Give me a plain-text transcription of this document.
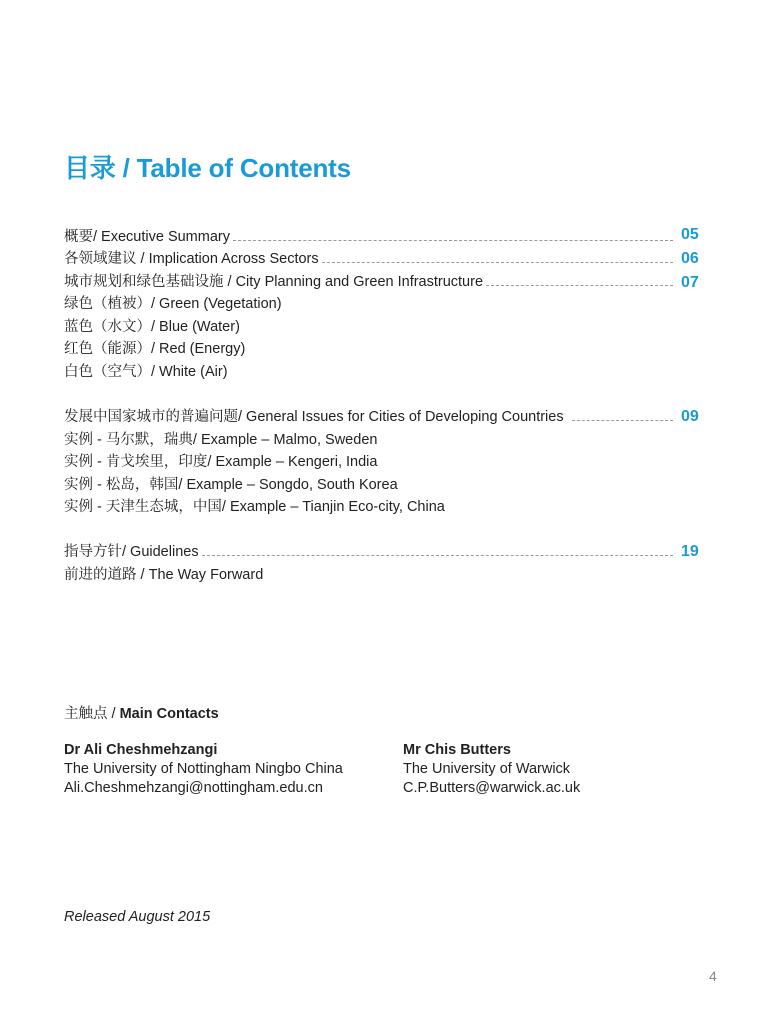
目录 / Table of Contents
概要/ Executive Summary	05
各领域建议 / Implication Across Sectors	06
城市规划和绿色基础设施 / City Planning and Green Infrastructure	07
绿色（植被）/ Green (Vegetation)
蓝色（水文）/ Blue (Water)
红色（能源）/ Red (Energy)
白色（空气）/ White (Air)
发展中国家城市的普遍问题/ General Issues for Cities of Developing Countries	09
实例 - 马尔默，瑞典/ Example – Malmo, Sweden
实例 - 肯戈埃里，印度/ Example – Kengeri, India
实例 - 松岛，韩国/ Example – Songdo, South Korea
实例 - 天津生态城，中国/ Example – Tianjin Eco-city, China
指导方针/ Guidelines	19
前进的道路 / The Way Forward
主触点 / Main Contacts
Dr Ali Cheshmehzangi
The University of Nottingham Ningbo China
Ali.Cheshmehzangi@nottingham.edu.cn
Mr Chis Butters
The University of Warwick
C.P.Butters@warwick.ac.uk
Released August 2015
4
